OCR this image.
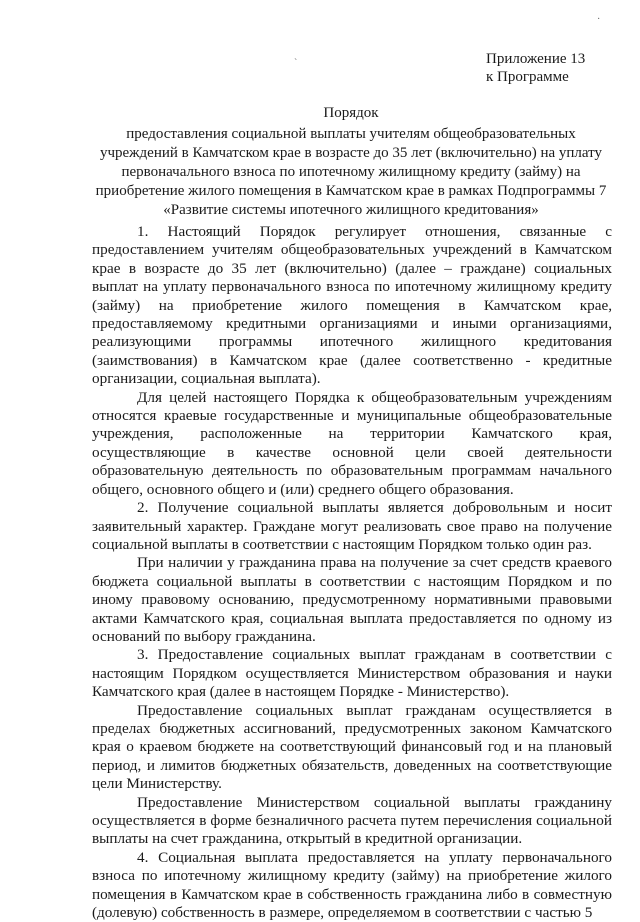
·
`	Приложение 13
к Программе
Порядок
предоставления социальной выплаты учителям общеобразовательных учреждений в Камчатском крае в возрасте до 35 лет (включительно) на уплату первоначального взноса по ипотечному жилищному кредиту (займу) на приобретение жилого помещения в Камчатском крае в рамках Подпрограммы 7 «Развитие системы ипотечного жилищного кредитования»

1. Настоящий Порядок регулирует отношения, связанные с предоставлением учителям общеобразовательных учреждений в Камчатском крае в возрасте до 35 лет (включительно) (далее – граждане) социальных выплат на уплату первоначального взноса по ипотечному жилищному кредиту (займу) на приобретение жилого помещения в Камчатском крае, предоставляемому кредитными организациями и иными организациями, реализующими программы ипотечного жилищного кредитования (заимствования) в Камчатском крае (далее соответственно - кредитные организации, социальная выплата).

Для целей настоящего Порядка к общеобразовательным учреждениям относятся краевые государственные и муниципальные общеобразовательные учреждения, расположенные на территории Камчатского края, осуществляющие в качестве основной цели своей деятельности образовательную деятельность по образовательным программам начального общего, основного общего и (или) среднего общего образования.

2. Получение социальной выплаты является добровольным и носит заявительный характер. Граждане могут реализовать свое право на получение социальной выплаты в соответствии с настоящим Порядком только один раз.

При наличии у гражданина права на получение за счет средств краевого бюджета социальной выплаты в соответствии с настоящим Порядком и по иному правовому основанию, предусмотренному нормативными правовыми актами Камчатского края, социальная выплата предоставляется по одному из оснований по выбору гражданина.

3. Предоставление социальных выплат гражданам в соответствии с настоящим Порядком осуществляется Министерством образования и науки Камчатского края (далее в настоящем Порядке - Министерство).

Предоставление социальных выплат гражданам осуществляется в пределах бюджетных ассигнований, предусмотренных законом Камчатского края о краевом бюджете на соответствующий финансовый год и на плановый период, и лимитов бюджетных обязательств, доведенных на соответствующие цели Министерству.

Предоставление Министерством социальной выплаты гражданину осуществляется в форме безналичного расчета путем перечисления социальной выплаты на счет гражданина, открытый в кредитной организации.

4. Социальная выплата предоставляется на уплату первоначального взноса по ипотечному жилищному кредиту (займу) на приобретение жилого помещения в Камчатском крае в собственность гражданина либо в совместную (долевую) собственность в размере, определяемом в соответствии с частью 5
